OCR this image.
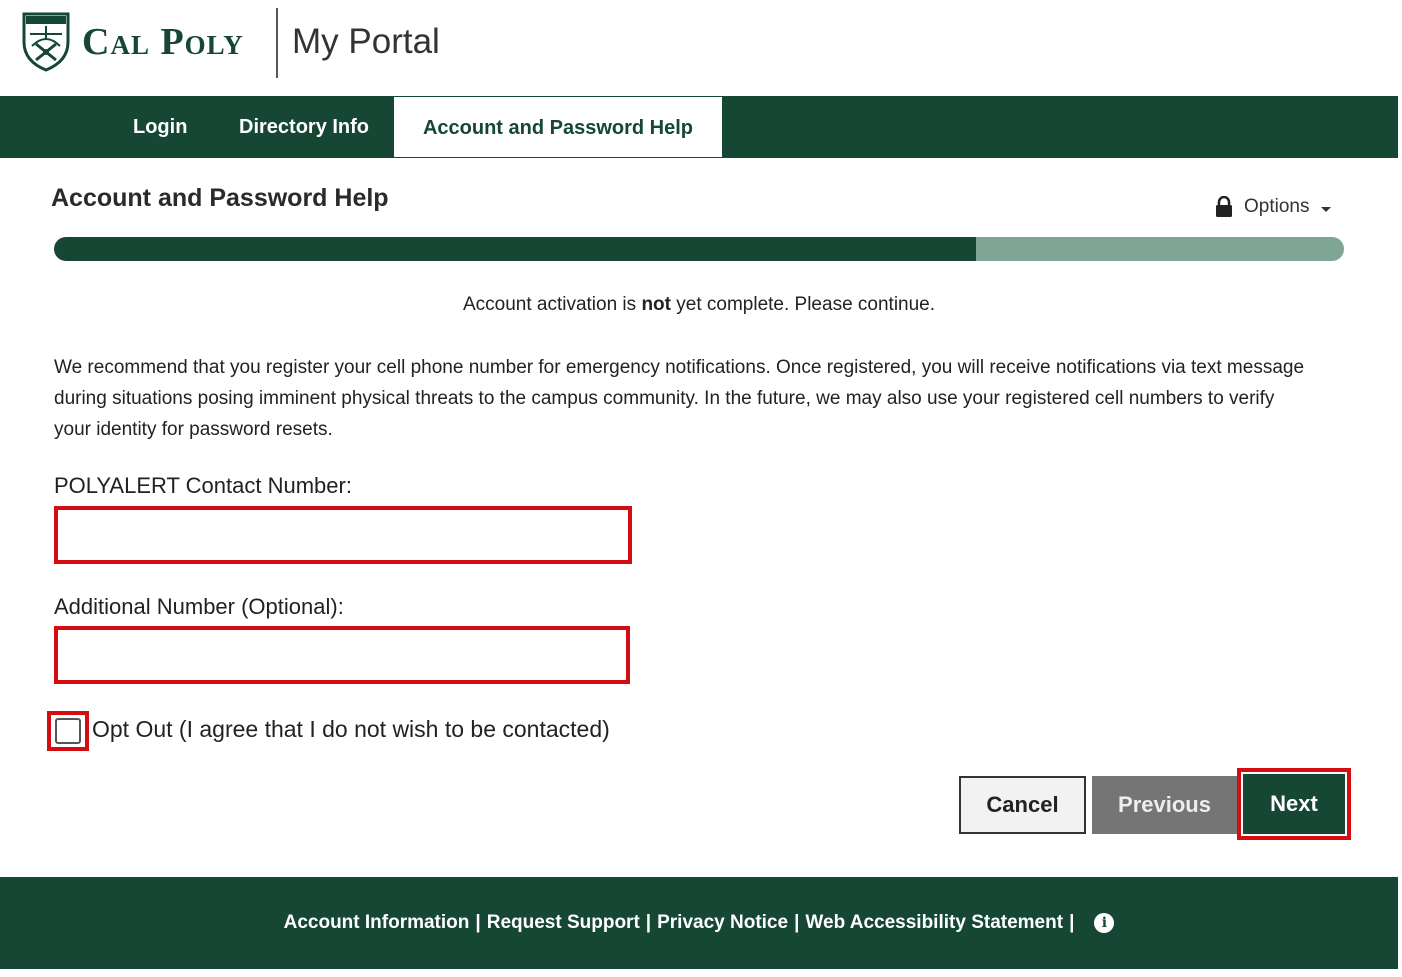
Cal Poly My Portal
Login	Directory Info	Account and Password Help
Account and Password Help	Options

Account activation is not yet complete. Please continue.

We recommend that you register your cell phone number for emergency notifications. Once registered, you will receive notifications via text message during situations posing imminent physical threats to the campus community. In the future, we may also use your registered cell numbers to verify your identity for password resets.

POLYALERT Contact Number:
Additional Number (Optional):
Opt Out (I agree that I do not wish to be contacted)
Cancel	Previous	Next
Account Information | Request Support | Privacy Notice | Web Accessibility Statement |	i
